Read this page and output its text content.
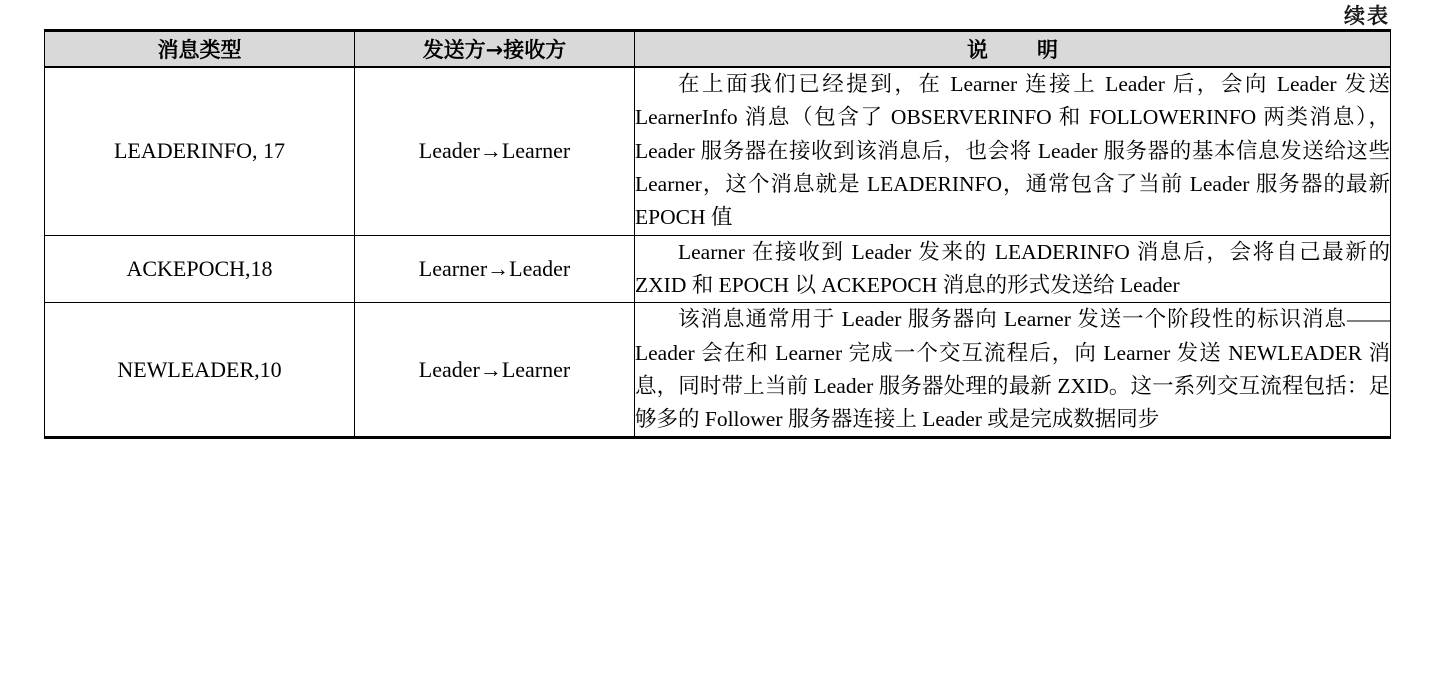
续表
消息类型	发送方→接收方	说　明
LEADERINFO, 17	Leader→Learner	在上面我们已经提到，在 Learner 连接上 Leader 后，会向 Leader 发送 LearnerInfo 消息（包含了 OBSERVERINFO 和 FOLLOWERINFO 两类消息），Leader 服务器在接收到该消息后，也会将 Leader 服务器的基本信息发送给这些 Learner，这个消息就是 LEADERINFO，通常包含了当前 Leader 服务器的最新 EPOCH 值

ACKEPOCH,18	Learner→Leader	Learner 在接收到 Leader 发来的 LEADERINFO 消息后，会将自己最新的 ZXID 和 EPOCH 以 ACKEPOCH 消息的形式发送给 Leader

NEWLEADER,10	Leader→Learner	该消息通常用于 Leader 服务器向 Learner 发送一个阶段性的标识消息——Leader 会在和 Learner 完成一个交互流程后，向 Learner 发送 NEWLEADER 消息，同时带上当前 Leader 服务器处理的最新 ZXID。这一系列交互流程包括：足够多的 Follower 服务器连接上 Leader 或是完成数据同步
